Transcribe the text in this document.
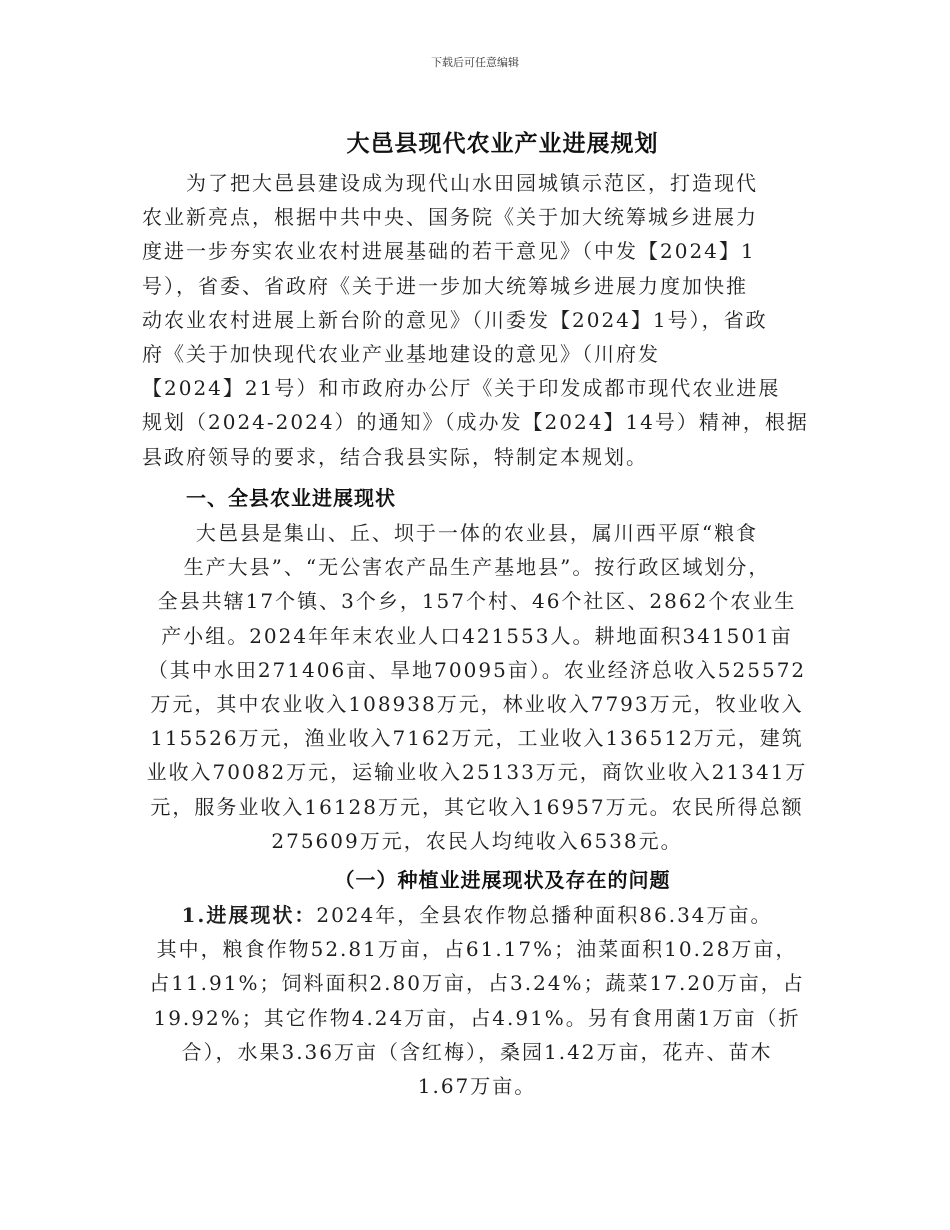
下载后可任意编辑
大邑县现代农业产业进展规划
　　为了把大邑县建设成为现代山水田园城镇示范区，打造现代
农业新亮点，根据中共中央、国务院《关于加大统筹城乡进展力
度进一步夯实农业农村进展基础的若干意见》（中发【2024】1
号），省委、省政府《关于进一步加大统筹城乡进展力度加快推
动农业农村进展上新台阶的意见》（川委发【2024】1号），省政
府《关于加快现代农业产业基地建设的意见》（川府发
【2024】21号）和市政府办公厅《关于印发成都市现代农业进展
规划（2024-2024）的通知》（成办发【2024】14号）精神，根据
县政府领导的要求，结合我县实际，特制定本规划。
一、全县农业进展现状
大邑县是集山、丘、坝于一体的农业县，属川西平原“粮食
生产大县”、“无公害农产品生产基地县”。按行政区域划分，
全县共辖17个镇、3个乡，157个村、46个社区、2862个农业生
产小组。2024年年末农业人口421553人。耕地面积341501亩
（其中水田271406亩、旱地70095亩）。农业经济总收入525572
万元，其中农业收入108938万元，林业收入7793万元，牧业收入
115526万元，渔业收入7162万元，工业收入136512万元，建筑
业收入70082万元，运输业收入25133万元，商饮业收入21341万
元，服务业收入16128万元，其它收入16957万元。农民所得总额
275609万元，农民人均纯收入6538元。
（一）种植业进展现状及存在的问题
1.进展现状：2024年，全县农作物总播种面积86.34万亩。
其中，粮食作物52.81万亩，占61.17%；油菜面积10.28万亩，
占11.91%；饲料面积2.80万亩，占3.24%；蔬菜17.20万亩，占
19.92%；其它作物4.24万亩，占4.91%。另有食用菌1万亩（折
合），水果3.36万亩（含红梅），桑园1.42万亩，花卉、苗木
1.67万亩。
